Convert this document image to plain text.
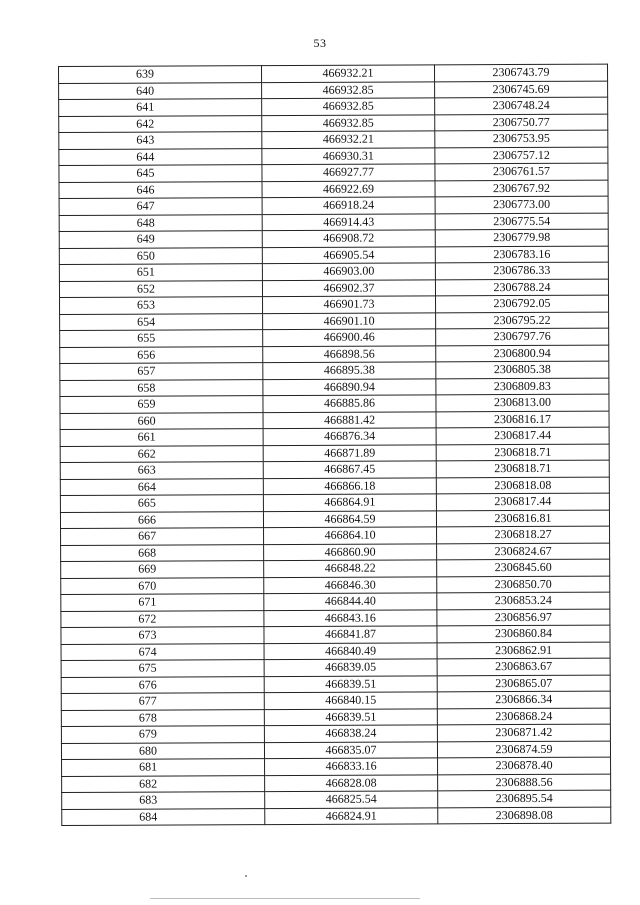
53
639	466932.21	2306743.79
640	466932.85	2306745.69
641	466932.85	2306748.24
642	466932.85	2306750.77
643	466932.21	2306753.95
644	466930.31	2306757.12
645	466927.77	2306761.57
646	466922.69	2306767.92
647	466918.24	2306773.00
648	466914.43	2306775.54
649	466908.72	2306779.98
650	466905.54	2306783.16
651	466903.00	2306786.33
652	466902.37	2306788.24
653	466901.73	2306792.05
654	466901.10	2306795.22
655	466900.46	2306797.76
656	466898.56	2306800.94
657	466895.38	2306805.38
658	466890.94	2306809.83
659	466885.86	2306813.00
660	466881.42	2306816.17
661	466876.34	2306817.44
662	466871.89	2306818.71
663	466867.45	2306818.71
664	466866.18	2306818.08
665	466864.91	2306817.44
666	466864.59	2306816.81
667	466864.10	2306818.27
668	466860.90	2306824.67
669	466848.22	2306845.60
670	466846.30	2306850.70
671	466844.40	2306853.24
672	466843.16	2306856.97
673	466841.87	2306860.84
674	466840.49	2306862.91
675	466839.05	2306863.67
676	466839.51	2306865.07
677	466840.15	2306866.34
678	466839.51	2306868.24
679	466838.24	2306871.42
680	466835.07	2306874.59
681	466833.16	2306878.40
682	466828.08	2306888.56
683	466825.54	2306895.54
684	466824.91	2306898.08
